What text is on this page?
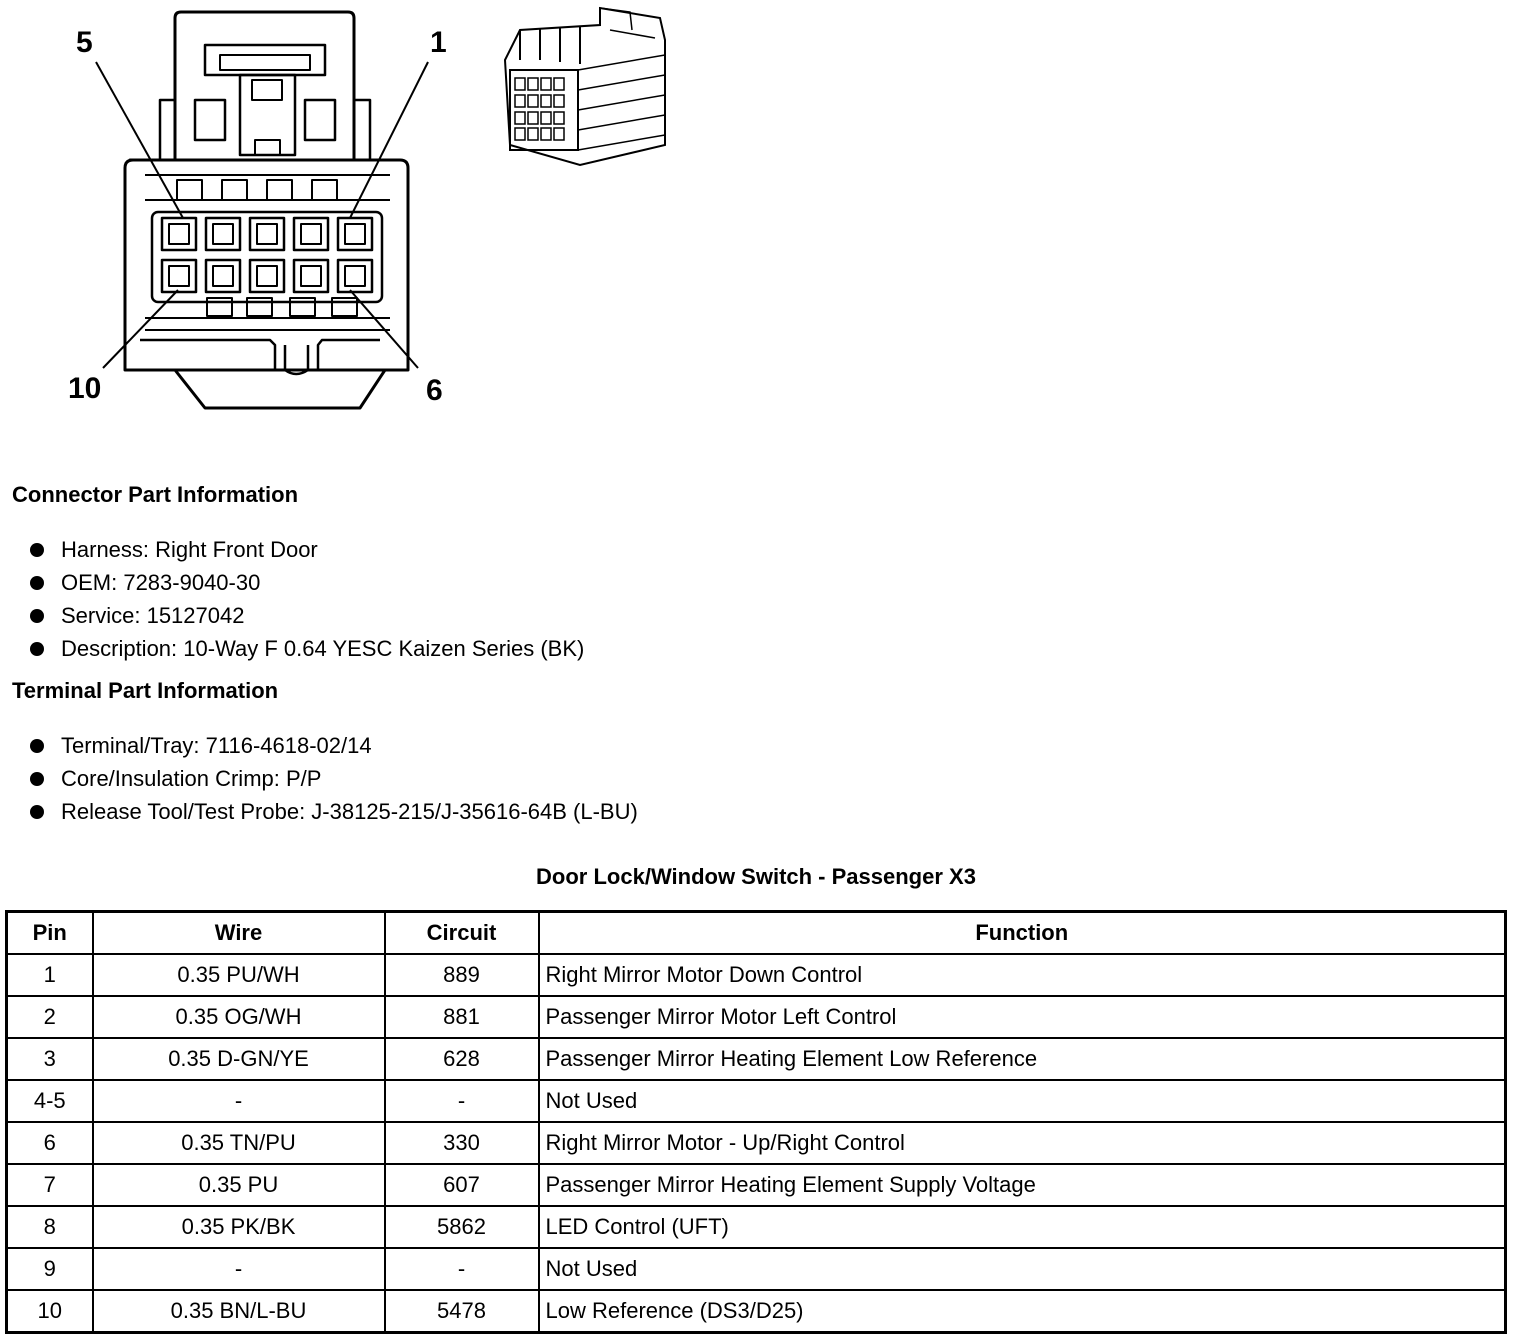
5	1
10	6
Connector Part Information
Harness: Right Front Door
OEM: 7283-9040-30
Service: 15127042
Description: 10-Way F 0.64 YESC Kaizen Series (BK)
Terminal Part Information
Terminal/Tray: 7116-4618-02/14
Core/Insulation Crimp: P/P
Release Tool/Test Probe: J-38125-215/J-35616-64B (L-BU)
Door Lock/Window Switch - Passenger X3
Pin	Wire	Circuit	Function
1	0.35 PU/WH	889	Right Mirror Motor Down Control
2	0.35 OG/WH	881	Passenger Mirror Motor Left Control
3	0.35 D-GN/YE	628	Passenger Mirror Heating Element Low Reference
4-5	-	-	Not Used
6	0.35 TN/PU	330	Right Mirror Motor - Up/Right Control
7	0.35 PU	607	Passenger Mirror Heating Element Supply Voltage
8	0.35 PK/BK	5862	LED Control (UFT)
9	-	-	Not Used
10	0.35 BN/L-BU	5478	Low Reference (DS3/D25)
